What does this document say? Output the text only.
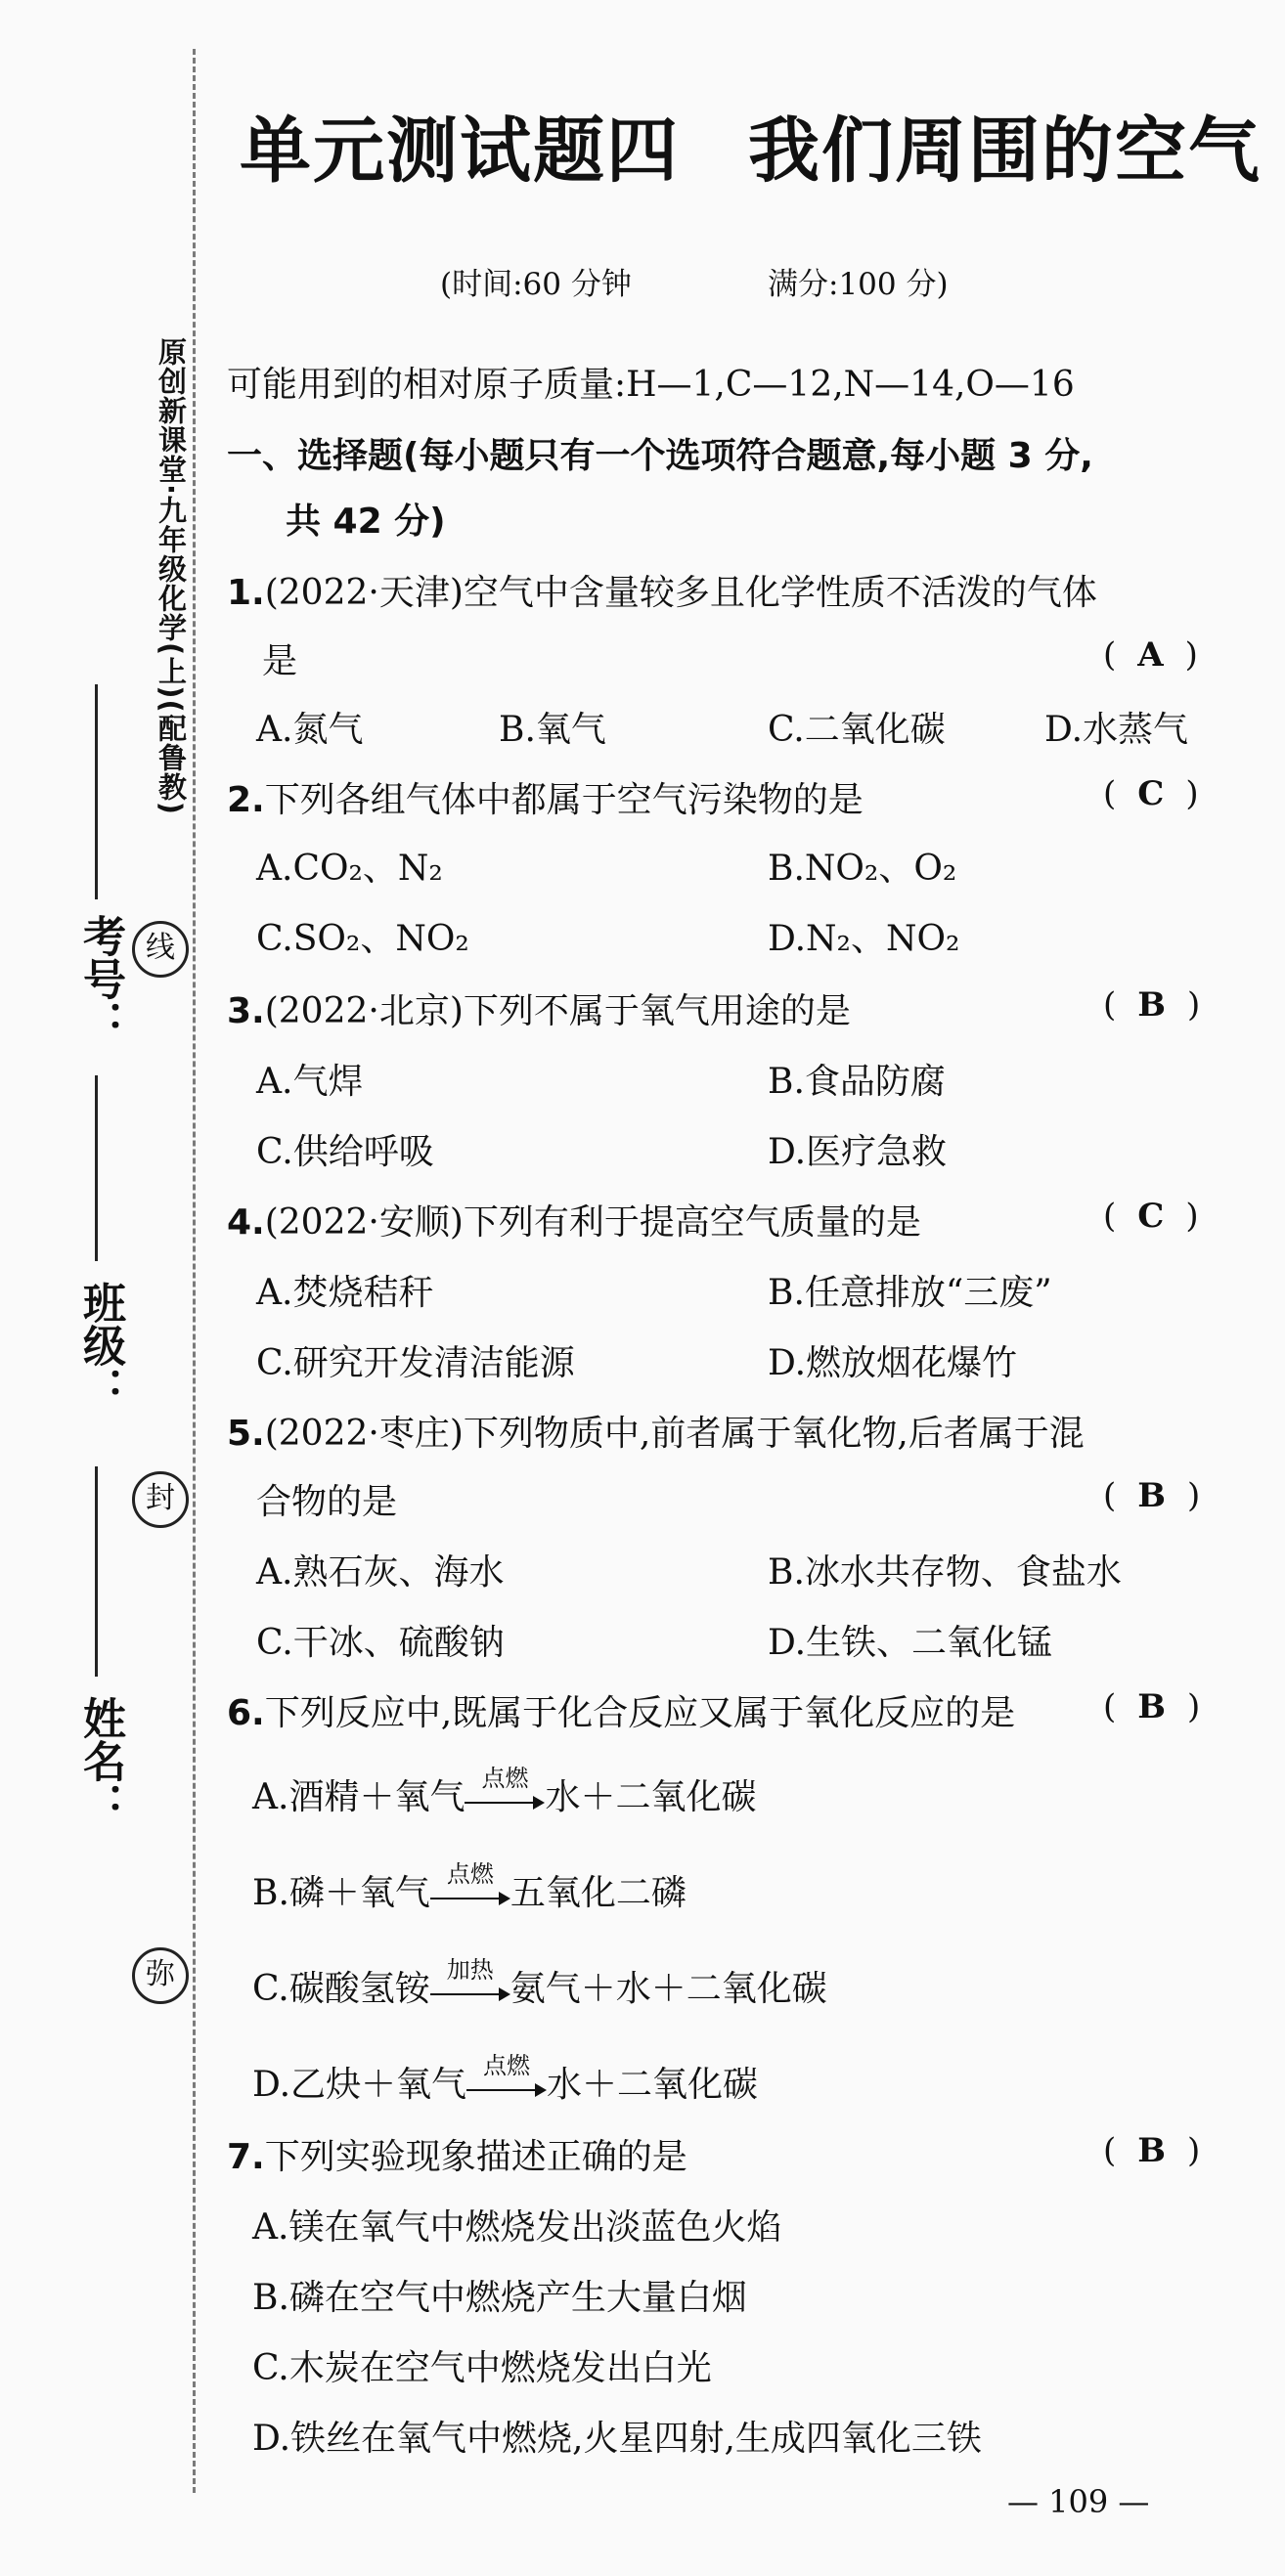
原创新课堂·九年级化学(上)(配鲁教)
考号：
班级：
姓名：
线
封
弥
单元测试题四 我们周围的空气
(时间:60 分钟	满分:100 分)
可能用到的相对原子质量:H—1,C—12,N—14,O—16
一、选择题(每小题只有一个选项符合题意,每小题 3 分,
共 42 分)
1.(2022·天津)空气中含量较多且化学性质不活泼的气体
是	( A )
A.氮气	B.氧气	C.二氧化碳	D.水蒸气
2.下列各组气体中都属于空气污染物的是	( C )
A.CO₂、N₂	B.NO₂、O₂
C.SO₂、NO₂	D.N₂、NO₂
3.(2022·北京)下列不属于氧气用途的是	( B )
A.气焊	B.食品防腐
C.供给呼吸	D.医疗急救
4.(2022·安顺)下列有利于提高空气质量的是	( C )
A.焚烧秸秆	B.任意排放“三废”
C.研究开发清洁能源	D.燃放烟花爆竹
5.(2022·枣庄)下列物质中,前者属于氧化物,后者属于混
合物的是	( B )
A.熟石灰、海水	B.冰水共存物、食盐水
C.干冰、硫酸钠	D.生铁、二氧化锰
6.下列反应中,既属于化合反应又属于氧化反应的是	( B )
A.酒精＋氧气 点燃 水＋二氧化碳
B.磷＋氧气 点燃 五氧化二磷
C.碳酸氢铵 加热 氨气＋水＋二氧化碳
D.乙炔＋氧气 点燃 水＋二氧化碳
7.下列实验现象描述正确的是	( B )
A.镁在氧气中燃烧发出淡蓝色火焰
B.磷在空气中燃烧产生大量白烟
C.木炭在空气中燃烧发出白光
D.铁丝在氧气中燃烧,火星四射,生成四氧化三铁
— 109 —
